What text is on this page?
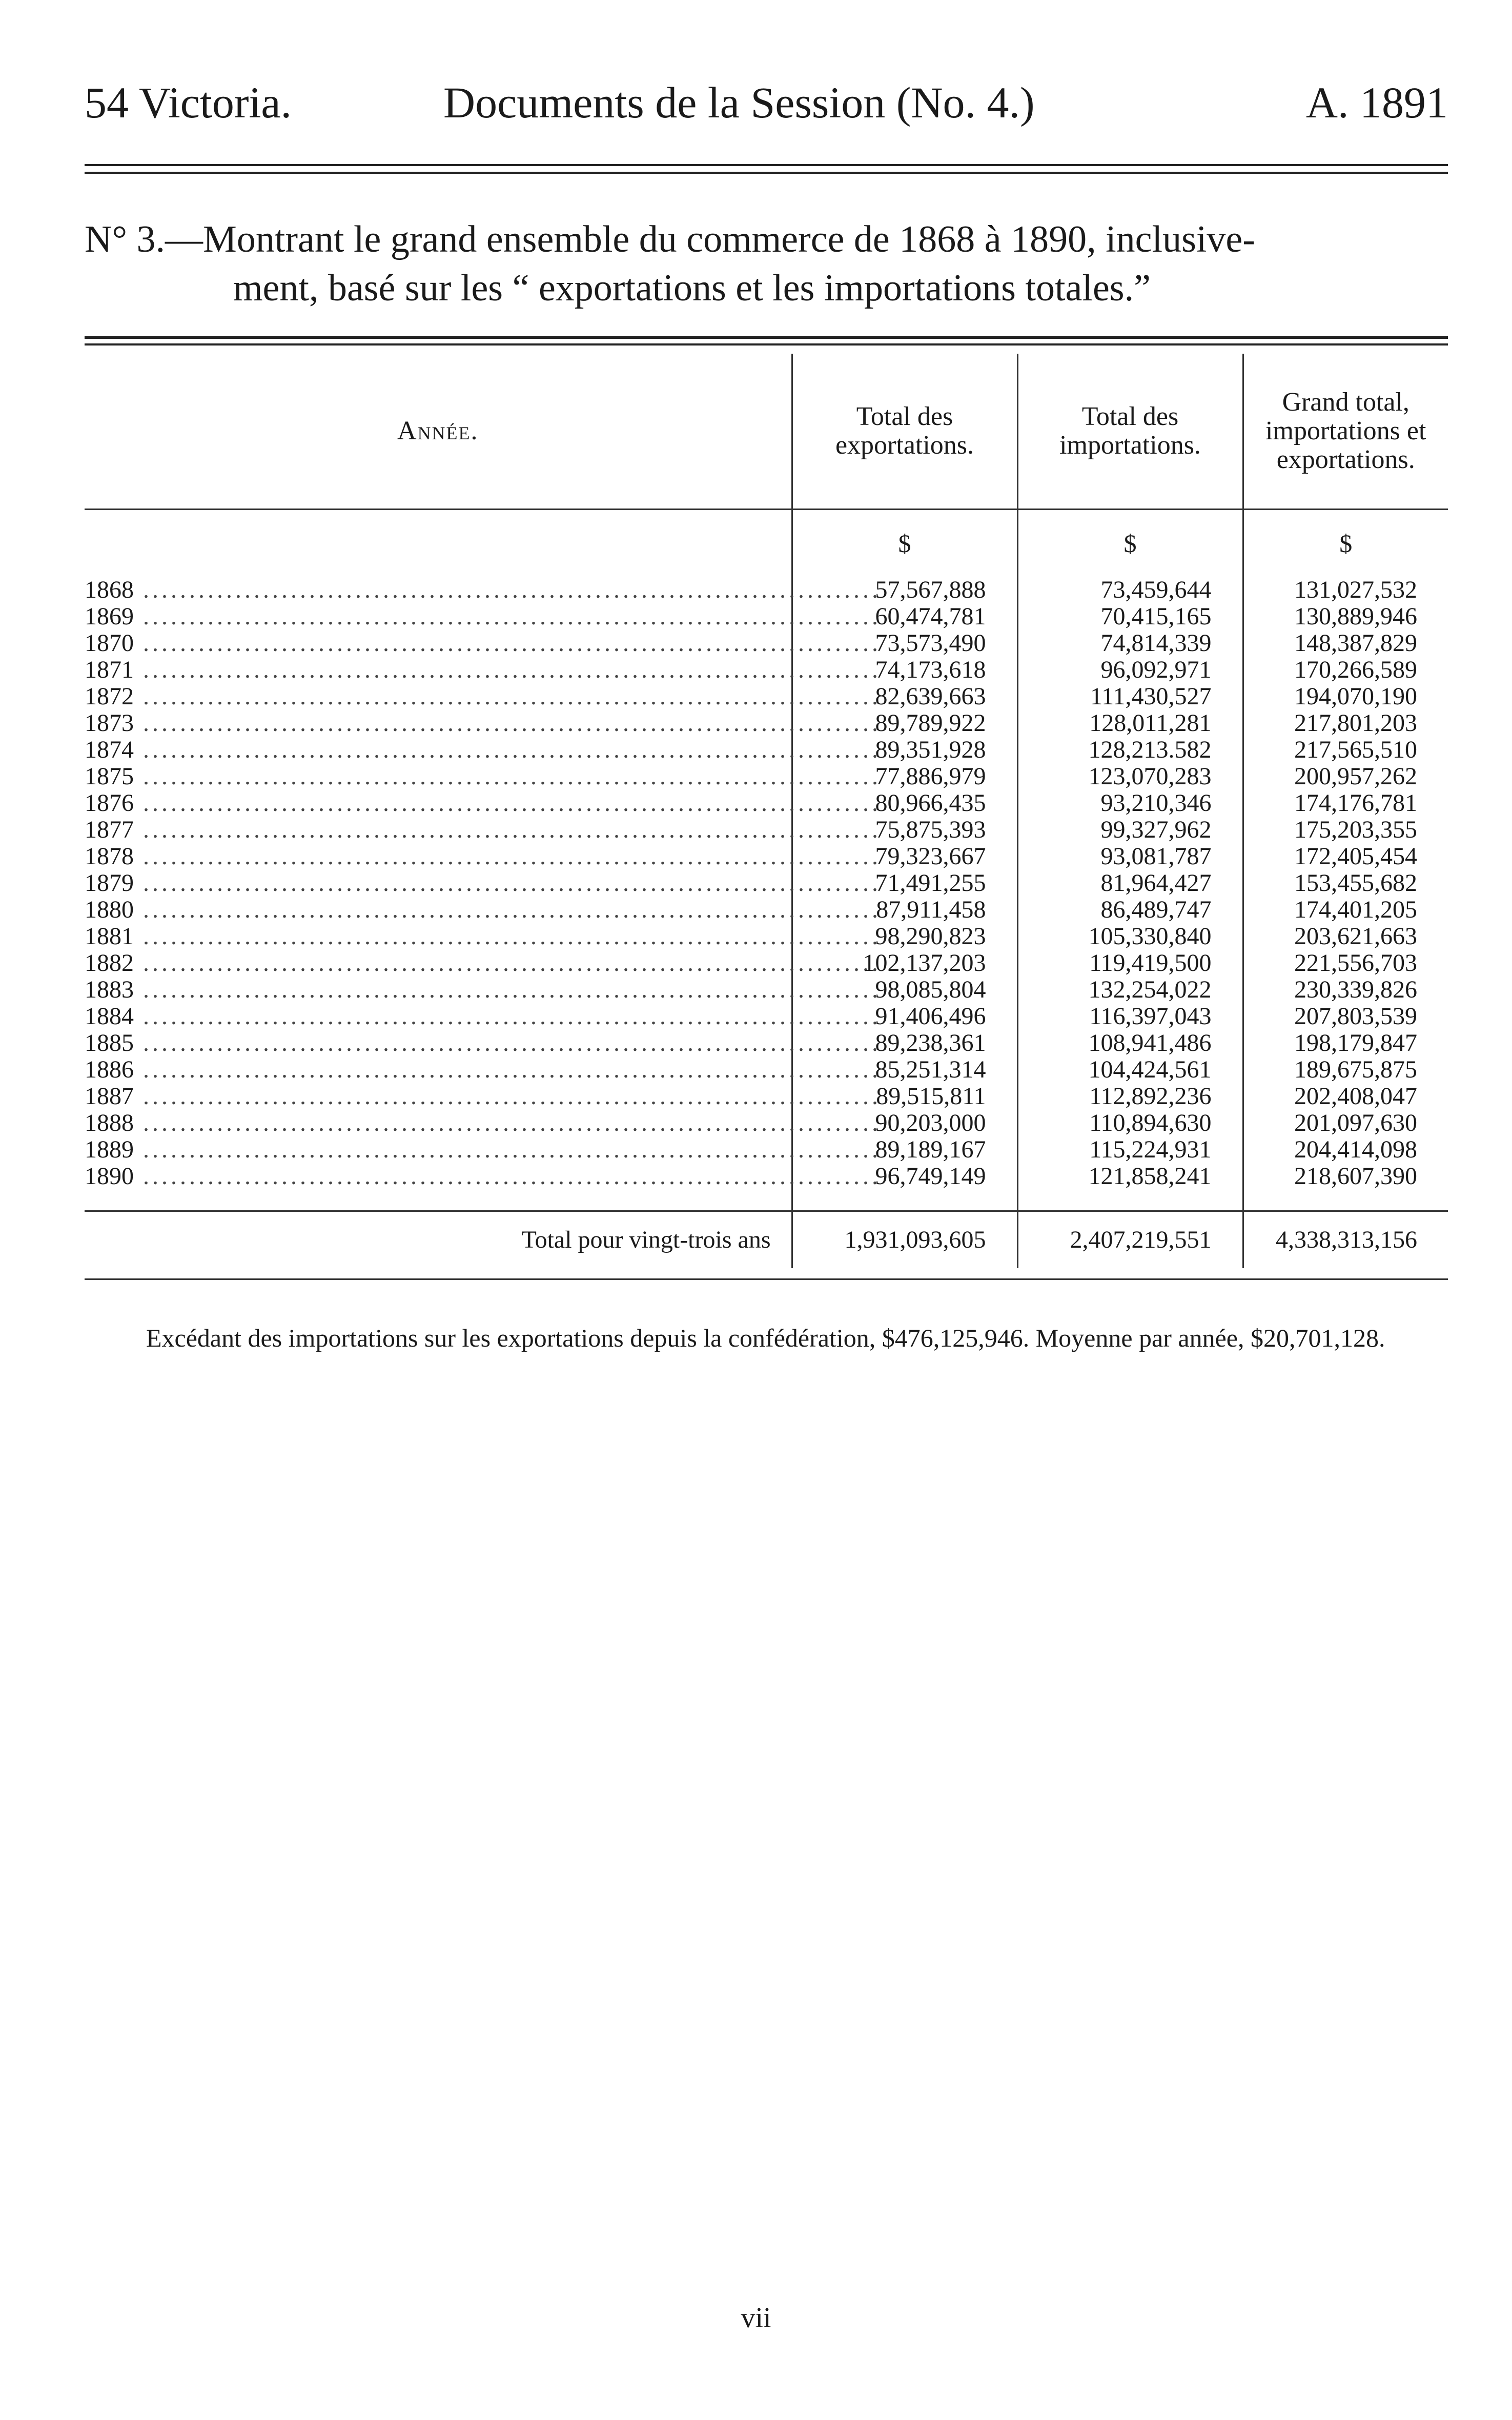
54 Victoria.	Documents de la Session (No. 4.)	A. 1891
N° 3.—Montrant le grand ensemble du commerce de 1868 à 1890, inclusive-
ment, basé sur les “ exportations et les importations totales.”
Année.	Total des exportations.	Total des importations.	Grand total, importations et exportations.
	$	$	$
1868 ................................................................................	57,567,888	73,459,644	131,027,532
1869 ................................................................................	60,474,781	70,415,165	130,889,946
1870 ................................................................................	73,573,490	74,814,339	148,387,829
1871 ................................................................................	74,173,618	96,092,971	170,266,589
1872 ................................................................................	82,639,663	111,430,527	194,070,190
1873 ................................................................................	89,789,922	128,011,281	217,801,203
1874 ................................................................................	89,351,928	128,213.582	217,565,510
1875 ................................................................................	77,886,979	123,070,283	200,957,262
1876 ................................................................................	80,966,435	93,210,346	174,176,781
1877 ................................................................................	75,875,393	99,327,962	175,203,355
1878 ................................................................................	79,323,667	93,081,787	172,405,454
1879 ................................................................................	71,491,255	81,964,427	153,455,682
1880 ................................................................................	87,911,458	86,489,747	174,401,205
1881 ................................................................................	98,290,823	105,330,840	203,621,663
1882 ................................................................................	102,137,203	119,419,500	221,556,703
1883 ................................................................................	98,085,804	132,254,022	230,339,826
1884 ................................................................................	91,406,496	116,397,043	207,803,539
1885 ................................................................................	89,238,361	108,941,486	198,179,847
1886 ................................................................................	85,251,314	104,424,561	189,675,875
1887 ................................................................................	89,515,811	112,892,236	202,408,047
1888 ................................................................................	90,203,000	110,894,630	201,097,630
1889 ................................................................................	89,189,167	115,224,931	204,414,098
1890 ................................................................................	96,749,149	121,858,241	218,607,390

Total pour vingt-trois ans	1,931,093,605	2,407,219,551	4,338,313,156
Excédant des importations sur les exportations depuis la confédération, $476,125,946. Moyenne par année, $20,701,128.
vii
